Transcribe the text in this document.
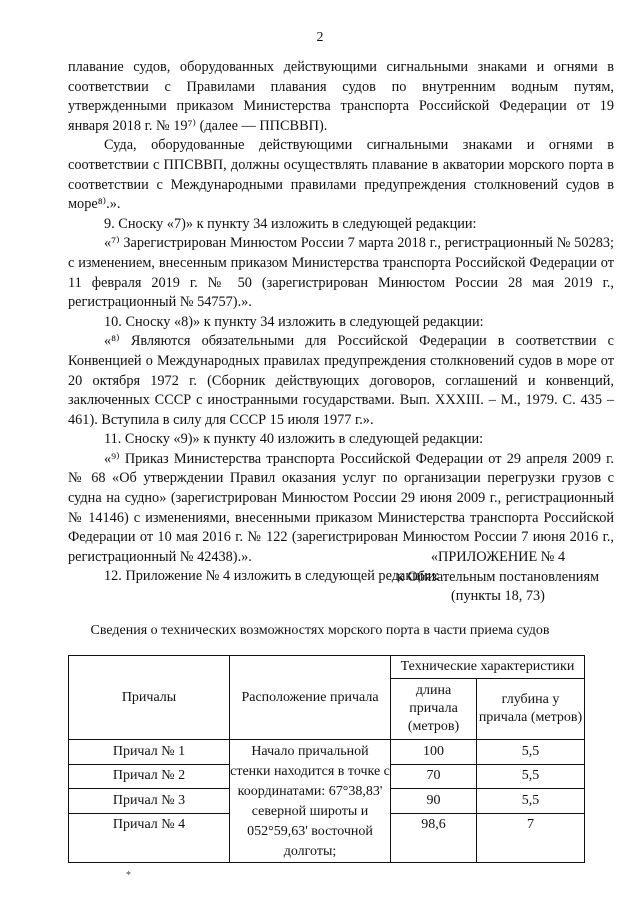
2

плавание судов, оборудованных действующими сигнальными знаками и огнями в соответствии с Правилами плавания судов по внутренним водным путям, утвержденными приказом Министерства транспорта Российской Федерации от 19 января 2018 г. № 19⁷⁾ (далее — ППСВВП).

Суда, оборудованные действующими сигнальными знаками и огнями в соответствии с ППСВВП, должны осуществлять плавание в акватории морского порта в соответствии с Международными правилами предупреждения столкновений судов в море⁸⁾.».

9. Сноску «7)» к пункту 34 изложить в следующей редакции:

«⁷⁾ Зарегистрирован Минюстом России 7 марта 2018 г., регистрационный № 50283; с изменением, внесенным приказом Министерства транспорта Российской Федерации от 11 февраля 2019 г. № 50 (зарегистрирован Минюстом России 28 мая 2019 г., регистрационный № 54757).».

10. Сноску «8)» к пункту 34 изложить в следующей редакции:

«⁸⁾ Являются обязательными для Российской Федерации в соответствии с Конвенцией о Международных правилах предупреждения столкновений судов в море от 20 октября 1972 г. (Сборник действующих договоров, соглашений и конвенций, заключенных СССР с иностранными государствами. Вып. XXXIII. – М., 1979. С. 435 – 461). Вступила в силу для СССР 15 июля 1977 г.».

11. Сноску «9)» к пункту 40 изложить в следующей редакции:

«⁹⁾ Приказ Министерства транспорта Российской Федерации от 29 апреля 2009 г. № 68 «Об утверждении Правил оказания услуг по организации перегрузки грузов с судна на судно» (зарегистрирован Минюстом России 29 июня 2009 г., регистрационный № 14146) с изменениями, внесенными приказом Министерства транспорта Российской Федерации от 10 мая 2016 г. № 122 (зарегистрирован Минюстом России 7 июня 2016 г., регистрационный № 42438).».

12. Приложение № 4 изложить в следующей редакции:

«ПРИЛОЖЕНИЕ № 4
к Обязательным постановлениям
(пункты 18, 73)
Сведения о технических возможностях морского порта в части приема судов
Причалы	Расположение причала	Технические характеристики	
		длина причала (метров)	глубина у причала (метров)
Причал № 1	Начало причальной стенки находится в точке с координатами: 67°38,83' северной широты и 052°59,63' восточной долготы;	100	5,5
Причал № 2		70	5,5
Причал № 3		90	5,5
Причал № 4		98,6	7
*
